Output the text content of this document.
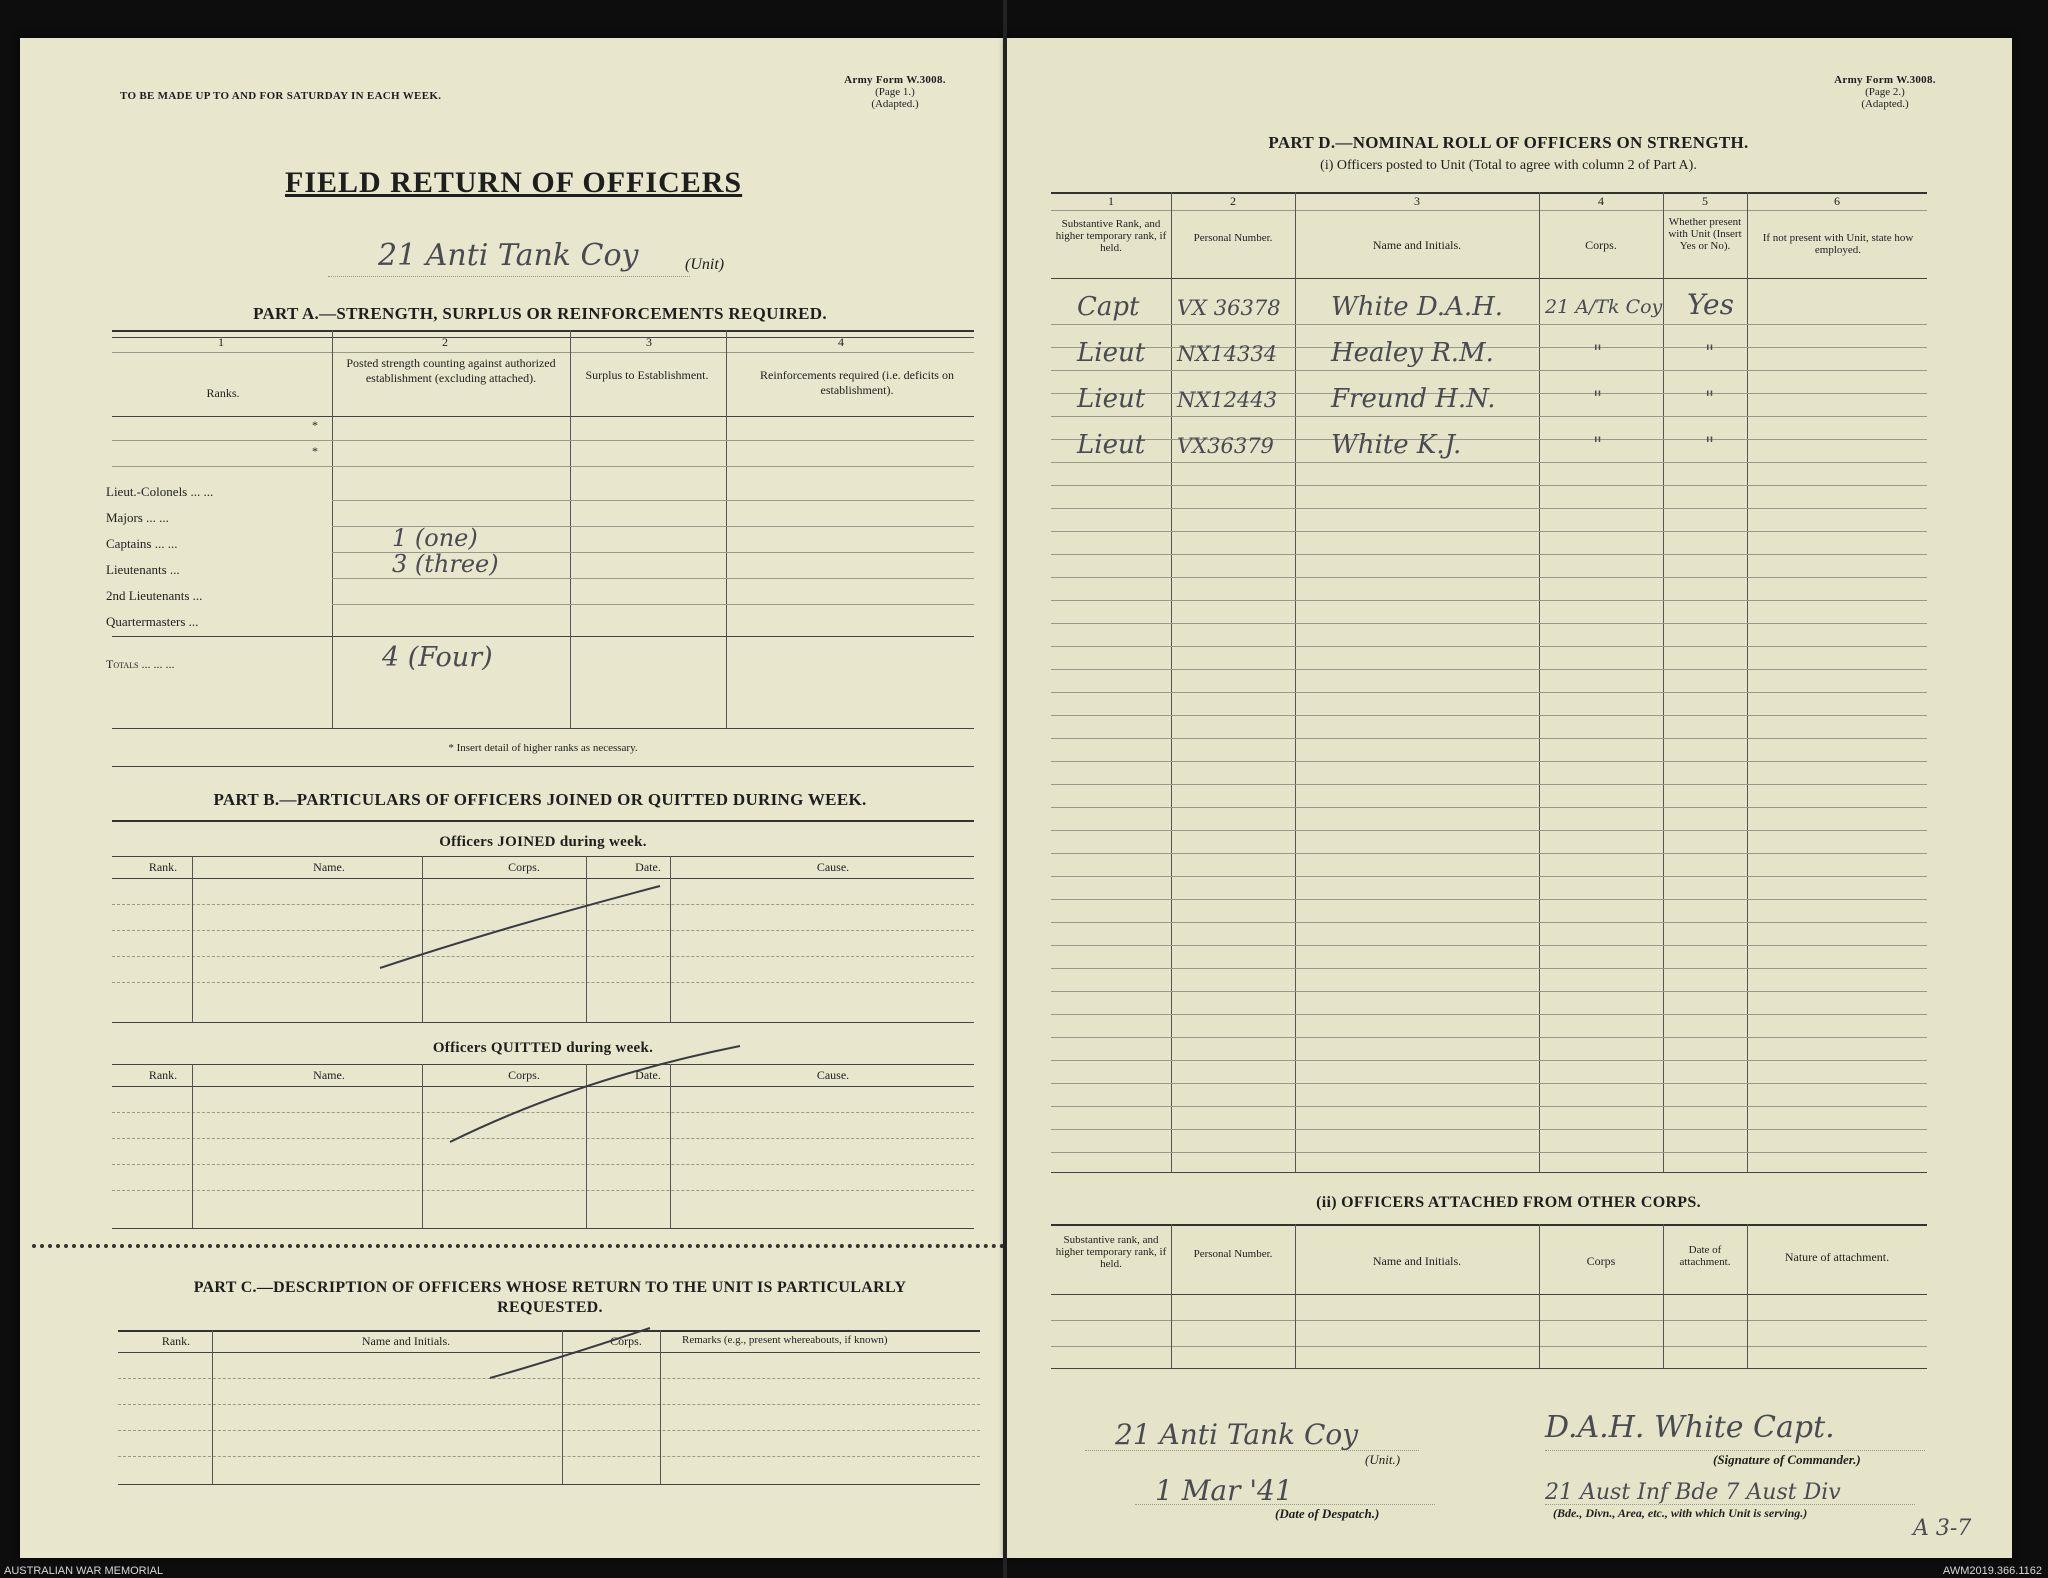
TO BE MADE UP TO AND FOR SATURDAY IN EACH WEEK.
Army Form W.3008.
(Page 1.)
(Adapted.)
FIELD RETURN OF OFFICERS
21 Anti Tank Coy	(Unit)
PART A.—STRENGTH, SURPLUS OR REINFORCEMENTS REQUIRED.
1	2	3	4
Ranks.
Posted strength counting against authorized establishment (excluding attached).	Surplus to Establishment.	Reinforcements required (i.e. deficits on establishment).
*
*
Lieut.-Colonels ... ...
Majors ... ...
Captains ... ...	1 (one)
Lieutenants ...	3 (three)
2nd Lieutenants ...
Quartermasters ...
Totals ... ... ...	4 (Four)
* Insert detail of higher ranks as necessary.
PART B.—PARTICULARS OF OFFICERS JOINED OR QUITTED DURING WEEK.
Officers JOINED during week.
Rank.	Name.	Corps.	Date.	Cause.
Officers QUITTED during week.
Rank.	Name.	Corps.	Date.	Cause.
PART C.—DESCRIPTION OF OFFICERS WHOSE RETURN TO THE UNIT IS PARTICULARLY REQUESTED.
Rank.	Name and Initials.	Corps.	Remarks (e.g., present whereabouts, if known)
Army Form W.3008.
(Page 2.)
(Adapted.)
PART D.—NOMINAL ROLL OF OFFICERS ON STRENGTH.
(i) Officers posted to Unit (Total to agree with column 2 of Part A).
1	2	3	4	5	6
Substantive Rank, and higher temporary rank, if held.
Personal Number.	Name and Initials.	Corps.
Whether present with Unit (Insert Yes or No).
If not present with Unit, state how employed.
Capt VX 36378 White D.A.H. 21 A/Tk Coy Yes
Lieut NX14334 Healey R.M.	"	"
Lieut NX12443 Freund H.N.	"	"
Lieut VX36379 White K.J.	"	"
(ii) OFFICERS ATTACHED FROM OTHER CORPS.
Substantive rank, and higher temporary rank, if held.
Personal Number.	Name and Initials.	Corps
Date of attachment.	Nature of attachment.
21 Anti Tank Coy
(Unit.)
D.A.H. White Capt.
(Signature of Commander.)
1 Mar '41
(Date of Despatch.)
21 Aust Inf Bde 7 Aust Div
(Bde., Divn., Area, etc., with which Unit is serving.)
A 3-7
AUSTRALIAN WAR MEMORIAL	AWM2019.366.1162
